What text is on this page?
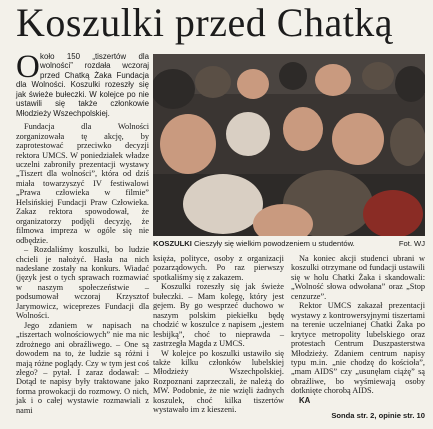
Koszulki przed Chatką
O koło 150 „tiszertów dla wolności” rozdała wczoraj przed Chatką Żaka Fundacja dla Wolności. Koszulki rozeszły się jak świeże bułeczki. W kolejce po nie ustawili się także członkowie Młodzieży Wszechpolskiej.

Fundacja dla Wolności zorganizowała tę akcję, by zaprotestować przeciwko decyzji rektora UMCS. W poniedziałek władze uczelni zabroniły prezentacji wystawy „Tiszert dla wolności”, która od dziś miała towarzyszyć IV festiwalowi „Prawa człowieka w filmie” Helsińskiej Fundacji Praw Człowieka. Zakaz rektora spowodował, że organizatorzy podjęli decyzję, że filmowa impreza w ogóle się nie odbędzie.

– Rozdaliśmy koszulki, bo ludzie chcieli je nałożyć. Hasła na nich nadesłane zostały na konkurs. Wiadać (język jest o tych sprawach rozmawiać w naszym społeczeństwie – podsumował wczoraj Krzysztof Jarymowicz, wiceprezes Fundacji dla Wolności.

Jego zdaniem w napisach na „tiszertach wolnościowych” nie ma nic zdrożnego ani obraźliwego. – One są dowodem na to, że ludzie są różni i mają różne poglądy. Czy w tym jest coś złego? – pytał. I zaraz dodawał: – Dotąd te napisy były traktowane jako forma prowokacji do rozmowy. O nich, jak i o całej wystawie rozmawiali z nami

KOSZULKI Cieszyły się wielkim powodzeniem u studentów.	Fot. WJ

księża, polityce, osoby z organizacji pozarządowych. Po raz pierwszy spotkaliśmy się z zakazem.

Koszulki rozeszły się jak świeże bułeczki. – Mam kolegę, który jest gejem. By go wesprzeć duchowo w naszym polskim piekiełku będę chodzić w koszulce z napisem „jestem lesbijką”, choć to nieprawda – zastrzegła Magda z UMCS.

W kolejce po koszulki ustawiło się także kilku członków lubelskiej Młodzieży Wszechpolskiej. Rozpoznani zaprzeczali, że należą do MW. Podobnie, że nie wzięli żadnych koszulek, choć kilka tiszertów wystawało im z kieszeni.

Na koniec akcji studenci ubrani w koszulki otrzymane od fundacji ustawili się w holu Chatki Żaka i skandowali: „Wolność słowa odwołana” oraz „Stop cenzurze”.

Rektor UMCS zakazał prezentacji wystawy z kontrowersyjnymi tiszertami na terenie uczelnianej Chatki Żaka po krytyce metropolity lubelskiego oraz protestach Centrum Duszpasterstwa Młodzieży. Zdaniem centrum napisy typu m.in. „nie chodzę do kościoła”, „mam AIDS” czy „usunęłam ciążę” są obraźliwe, bo wyśmiewają osoby dotknięte chorobą AIDS.

KA

Sonda str. 2, opinie str. 10
